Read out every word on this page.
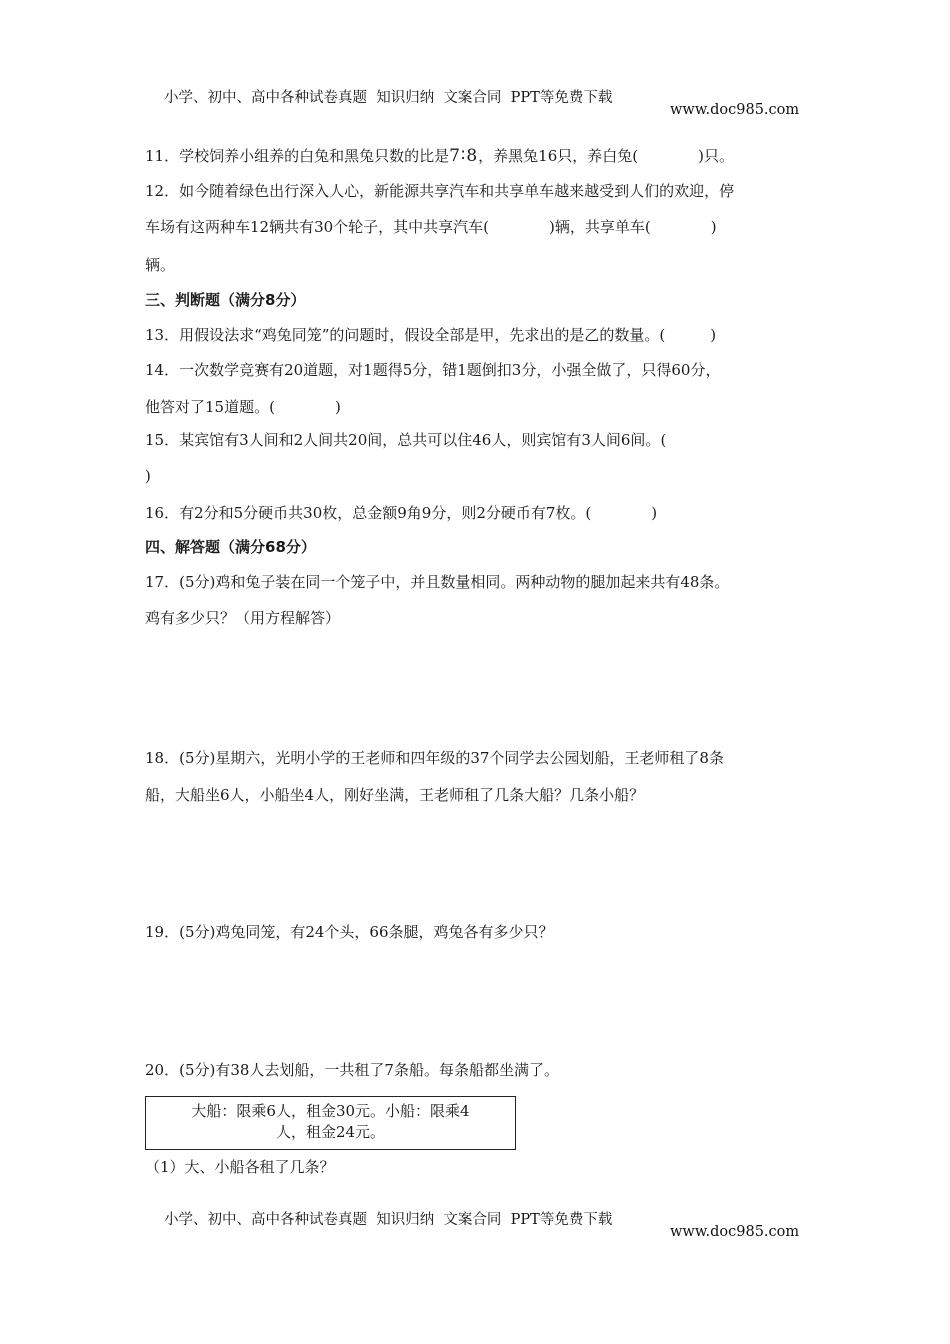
小学、初中、高中各种试卷真题  知识归纳  文案合同  PPT等免费下载

www.doc985.com

11．学校饲养小组养的白兔和黑兔只数的比是7∶8，养黑兔16只，养白兔(　　　　)只。
12．如今随着绿色出行深入人心，新能源共享汽车和共享单车越来越受到人们的欢迎，停
车场有这两种车12辆共有30个轮子，其中共享汽车(　　　　)辆，共享单车(　　　　)
辆。
三、判断题（满分8分）
13．用假设法求“鸡兔同笼”的问题时，假设全部是甲，先求出的是乙的数量。(　　　)
14．一次数学竞赛有20道题，对1题得5分，错1题倒扣3分，小强全做了，只得60分，
他答对了15道题。(　　　　)
15．某宾馆有3人间和2人间共20间，总共可以住46人，则宾馆有3人间6间。(
)
16．有2分和5分硬币共30枚，总金额9角9分，则2分硬币有7枚。(　　　　)
四、解答题（满分68分）
17．(5分)鸡和兔子装在同一个笼子中，并且数量相同。两种动物的腿加起来共有48条。
鸡有多少只？（用方程解答）
18．(5分)星期六，光明小学的王老师和四年级的37个同学去公园划船，王老师租了8条
船，大船坐6人，小船坐4人，刚好坐满，王老师租了几条大船？几条小船？
19．(5分)鸡兔同笼，有24个头，66条腿，鸡兔各有多少只？
20．(5分)有38人去划船，一共租了7条船。每条船都坐满了。
大船：限乘6人，租金30元。小船：限乘4
人，租金24元。
（1）大、小船各租了几条？

小学、初中、高中各种试卷真题  知识归纳  文案合同  PPT等免费下载

www.doc985.com
